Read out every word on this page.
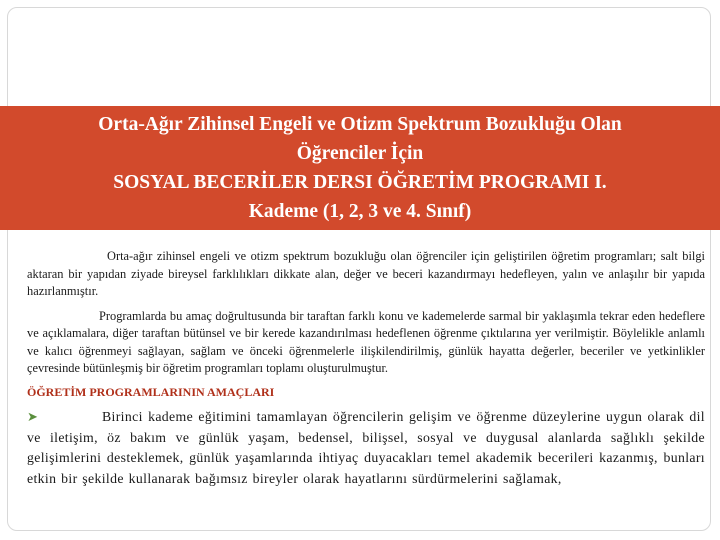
Orta-Ağır Zihinsel Engeli ve Otizm Spektrum Bozukluğu Olan
Öğrenciler İçin
SOSYAL BECERİLER DERSI ÖĞRETİM PROGRAMI I.
Kademe (1, 2, 3 ve 4. Sınıf)

Orta-ağır zihinsel engeli ve otizm spektrum bozukluğu olan öğrenciler için geliştirilen öğretim programları; salt bilgi aktaran bir yapıdan ziyade bireysel farklılıkları dikkate alan, değer ve beceri kazandırmayı hedefleyen, yalın ve anlaşılır bir yapıda hazırlanmıştır.

Programlarda bu amaç doğrultusunda bir taraftan farklı konu ve kademelerde sarmal bir yaklaşımla tekrar eden hedeflere ve açıklamalara, diğer taraftan bütünsel ve bir kerede kazandırılması hedeflenen öğrenme çıktılarına yer verilmiştir. Böylelikle anlamlı ve kalıcı öğrenmeyi sağlayan, sağlam ve önceki öğrenmelerle ilişkilendirilmiş, günlük hayatta değerler, beceriler ve yetkinlikler çevresinde bütünleşmiş bir öğretim programları toplamı oluşturulmuştur.

ÖĞRETİM PROGRAMLARININ AMAÇLARI
➤	Birinci kademe eğitimini tamamlayan öğrencilerin gelişim ve öğrenme düzeylerine uygun olarak dil ve iletişim, öz bakım ve günlük yaşam, bedensel, bilişsel, sosyal ve duygusal alanlarda sağlıklı şekilde gelişimlerini desteklemek, günlük yaşamlarında ihtiyaç duyacakları temel akademik becerileri kazanmış, bunları etkin bir şekilde kullanarak bağımsız bireyler olarak hayatlarını sürdürmelerini sağlamak,
